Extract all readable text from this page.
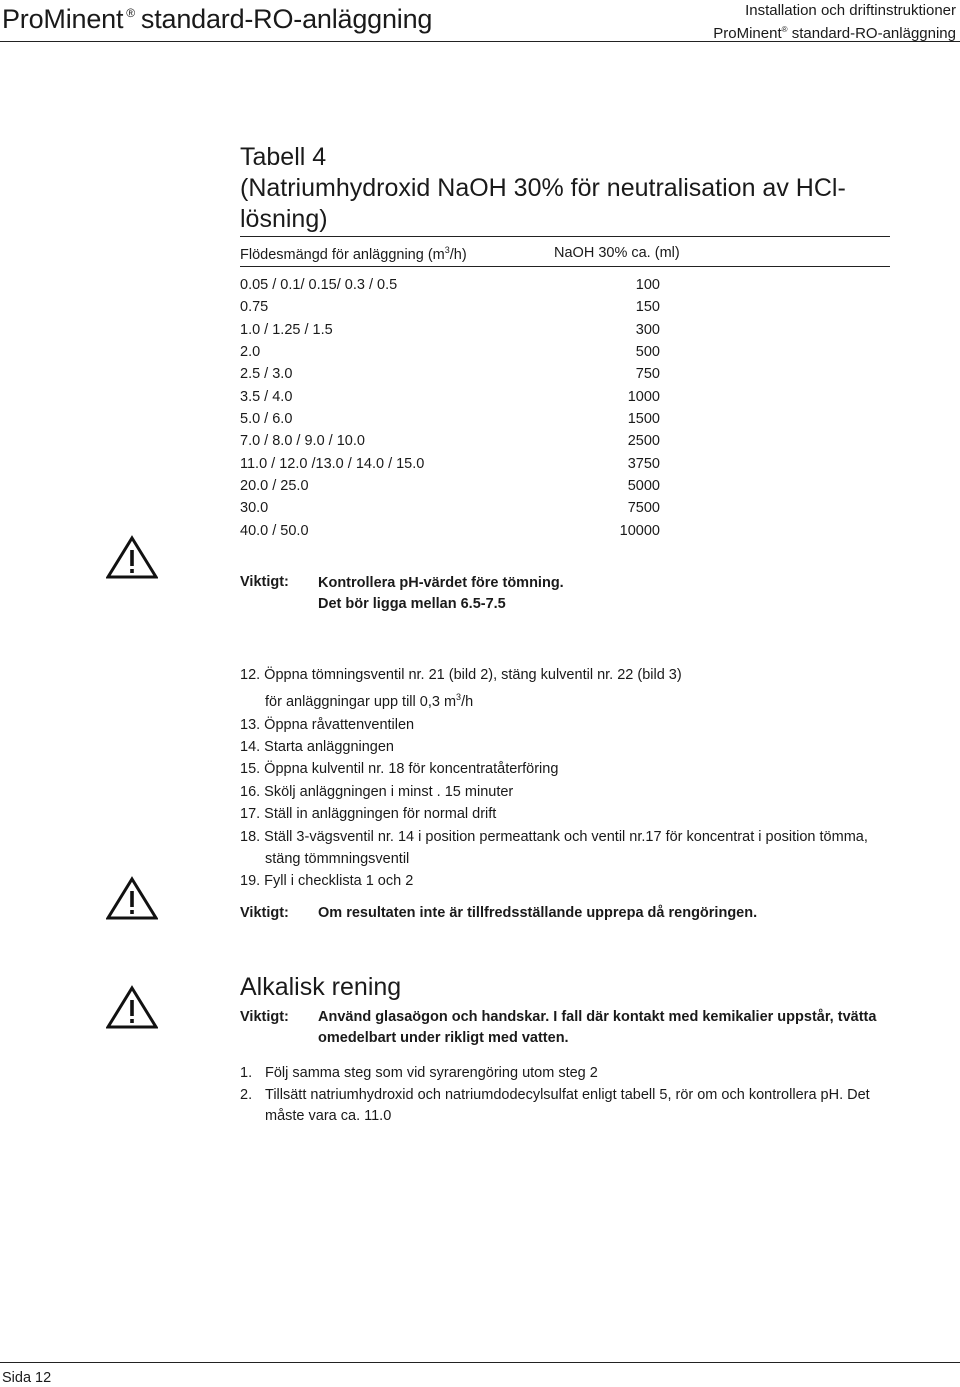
ProMinent ® standard-RO-anläggning	Installation och driftinstruktioner
ProMinent® standard-RO-anläggning
Tabell 4
(Natriumhydroxid NaOH 30% för neutralisation av HCl-
lösning)
Flödesmängd för anläggning $(m^3/h)$	NaOH 30% ca. (ml)
0.05 / 0.1/ 0.15/ 0.3 / 0.5	100
0.75	150
1.0 / 1.25 / 1.5	300
2.0	500
2.5 / 3.0	750
3.5 / 4.0	1000
5.0 / 6.0	1500
7.0 / 8.0 / 9.0 / 10.0	2500
11.0 / 12.0 /13.0 / 14.0 / 15.0	3750
20.0 / 25.0	5000
30.0	7500
40.0 / 50.0	10000
Viktigt: Kontrollera pH-värdet före tömning.
Det bör ligga mellan 6.5-7.5
12. Öppna tömningsventil nr. 21 (bild 2), stäng kulventil nr. 22 (bild 3)
för anläggningar upp till 0,3 $m^3/h$
13. Öppna råvattenventilen
14. Starta anläggningen
15. Öppna kulventil nr. 18 för koncentratåterföring
16. Skölj anläggningen i minst . 15 minuter
17. Ställ in anläggningen för normal drift
18. Ställ 3-vägsventil nr. 14 i position permeattank och ventil nr.17 för koncentrat i position tömma,
stäng tömmningsventil
19. Fyll i checklista 1 och 2
Viktigt: Om resultaten inte är tillfredsställande upprepa då rengöringen.
Alkalisk rening
Viktigt: Använd glasaögon och handskar. I fall där kontakt med kemikalier uppstår, tvätta
omedelbart under rikligt med vatten.
1. Följ samma steg som vid syrarengöring utom steg 2
2. Tillsätt natriumhydroxid och natriumdodecylsulfat enligt tabell 5, rör om och kontrollera pH. Det måste vara ca. 11.0
Sida 12
